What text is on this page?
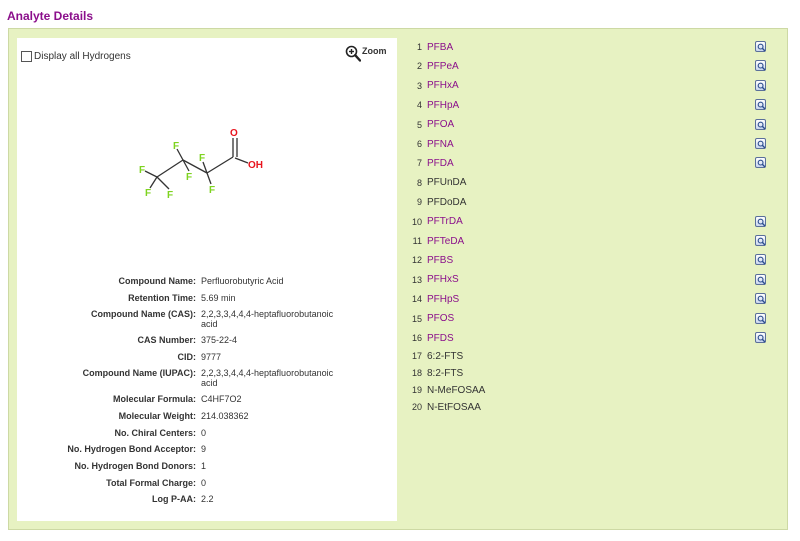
Analyte Details
Display all Hydrogens	Zoom
F
F F
F
F
F
F
O
OH
Compound Name: Perfluorobutyric Acid
Retention Time: 5.69 min
Compound Name (CAS): 2,2,3,3,4,4,4-heptafluorobutanoic acid
CAS Number: 375-22-4
CID: 9777
Compound Name (IUPAC): 2,2,3,3,4,4,4-heptafluorobutanoic acid
Molecular Formula: C4HF7O2
Molecular Weight: 214.038362
No. Chiral Centers: 0
No. Hydrogen Bond Acceptor: 9
No. Hydrogen Bond Donors: 1
Total Formal Charge: 0
Log P-AA: 2.2
1 PFBA
2 PFPeA
3 PFHxA
4 PFHpA
5 PFOA
6 PFNA
7 PFDA
8 PFUnDA
9 PFDoDA
10 PFTrDA
11 PFTeDA
12 PFBS
13 PFHxS
14 PFHpS
15 PFOS
16 PFDS
17 6:2-FTS
18 8:2-FTS
19 N-MeFOSAA
20 N-EtFOSAA
